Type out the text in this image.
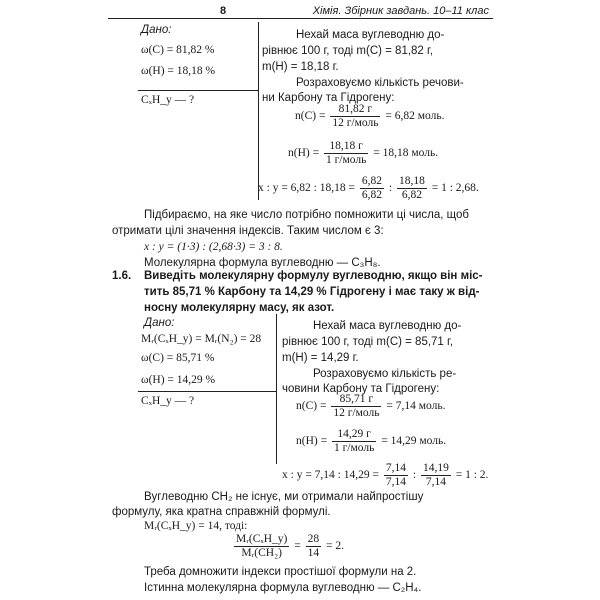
8	Хімія. Збірник завдань. 10–11 клас
Дано:
ω(C) = 81,82 %
ω(H) = 18,18 %
CₓH_y — ?
Нехай маса вуглеводню до-
рівнює 100 г, тоді m(C) = 81,82 г,
m(H) = 18,18 г.
Розраховуємо кількість речови-
ни Карбону та Гідрогену:
$n(C) = \frac{81,82 г}{\text{12 г/моль}} = 6,82$ моль.
$n(H) = \frac{18,18 г}{\text{1 г/моль}} = 18,18$ моль.
x : y = 6,82 : $18,18 = \frac{6,82}{6,82}$ : $\frac{18,18}{6,82} = 1$ : 2,68.
Підбираємо, на яке число потрібно помножити ці числа, щоб
отримати цілі значення індексів. Таким числом є 3:
x : y = (1·3) : (2,68·3) = 3 : 8.
Молекулярна формула вуглеводню — C₃H₈.
1.6. Виведіть молекулярну формулу вуглеводню, якщо він міс-
тить 85,71 % Карбону та 14,29 % Гідрогену і має таку ж від-
носну молекулярну масу, як азот.
Дано:
Mᵣ(CₓH_y) = Mᵣ(N₂) = 28
ω(C) = 85,71 %
ω(H) = 14,29 %
CₓH_y — ?
Нехай маса вуглеводню до-
рівнює 100 г, тоді m(C) = 85,71 г,
m(H) = 14,29 г.
Розраховуємо кількість ре-
човини Карбону та Гідрогену:
$n(C) = \frac{85,71 г}{\text{12 г/моль}} = 7,14$ моль.
$n(H) = \frac{14,29 г}{\text{1 г/моль}} = 14,29$ моль.
x : y = 7,14 : $14,29 = \frac{7,14}{7,14}$ : $\frac{14,19}{7,14} = 1$ : 2.
Вуглеводню CH₂ не існує, ми отримали найпростішу
формулу, яка кратна справжній формулі.
Mᵣ(CₓH_y) = 14, тоді:
$\frac{\text{Mᵣ(CₓH\_y)}}{\text{Mᵣ(CH₂)}} = \frac{28}{14} = 2$.
Треба домножити індекси простішої формули на 2.
Істинна молекулярна формула вуглеводню — C₂H₄.
